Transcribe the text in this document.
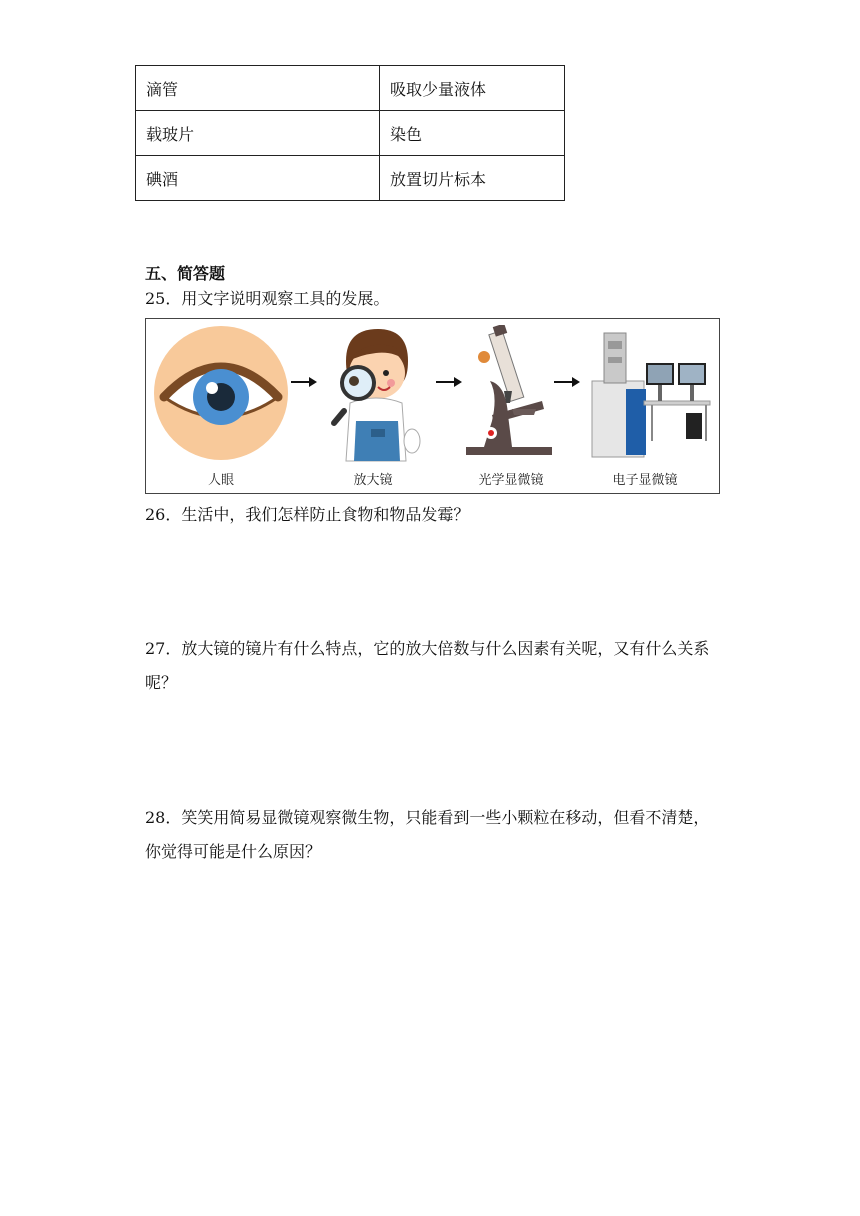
滴管	吸取少量液体
载玻片	染色
碘酒	放置切片标本
五、简答题
25．用文字说明观察工具的发展。
人眼	放大镜	光学显微镜	电子显微镜
26．生活中，我们怎样防止食物和物品发霉？
27．放大镜的镜片有什么特点，它的放大倍数与什么因素有关呢，又有什么关系呢？
28．笑笑用简易显微镜观察微生物，只能看到一些小颗粒在移动，但看不清楚，你觉得可能是什么原因？
